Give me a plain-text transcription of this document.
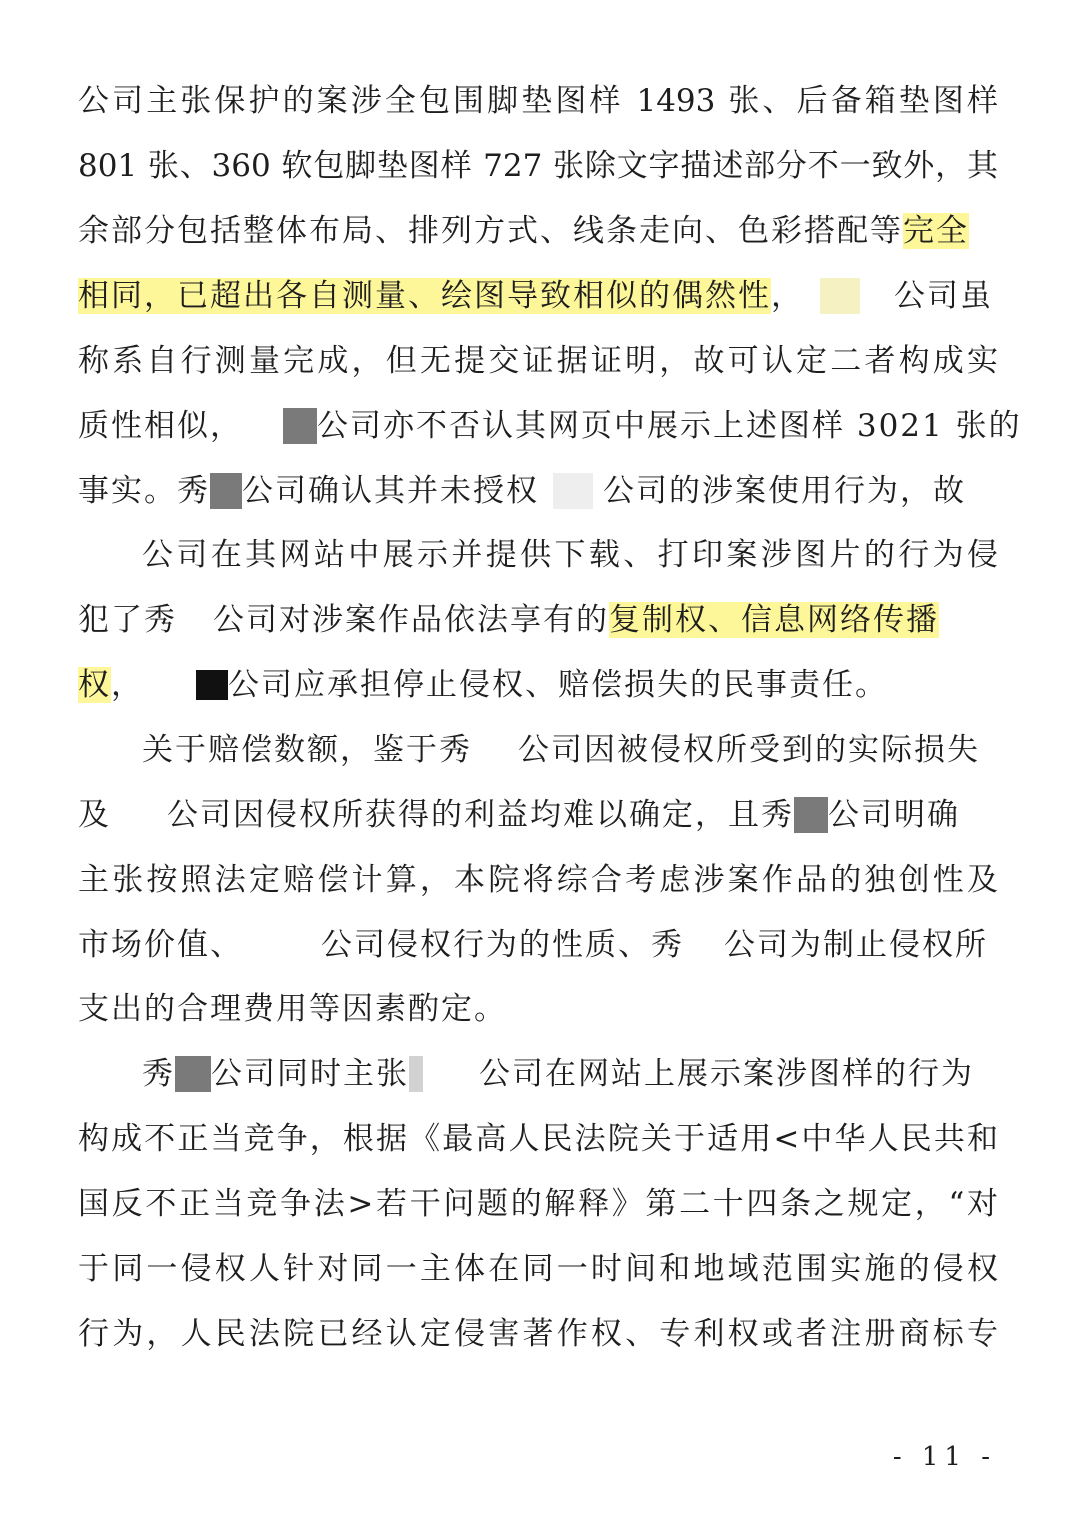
公司主张保护的案涉全包围脚垫图样 1493 张、后备箱垫图样
801 张、360 软包脚垫图样 727 张除文字描述部分不一致外，其
余部分包括整体布局、排列方式、线条走向、色彩搭配等完全
相同，已超出各自测量、绘图导致相似的偶然性，	公司虽
称系自行测量完成，但无提交证据证明，故可认定二者构成实
质性相似， 公司亦不否认其网页中展示上述图样 3021 张的
事实。秀 公司确认其并未授权 公司的涉案使用行为，故
公司在其网站中展示并提供下载、打印案涉图片的行为侵
犯了秀 公司对涉案作品依法享有的复制权、信息网络传播
权，	公司应承担停止侵权、赔偿损失的民事责任。
关于赔偿数额，鉴于秀 公司因被侵权所受到的实际损失
及 公司因侵权所获得的利益均难以确定，且秀 公司明确
主张按照法定赔偿计算，本院将综合考虑涉案作品的独创性及
市场价值、	公司侵权行为的性质、秀 公司为制止侵权所
支出的合理费用等因素酌定。
秀 公司同时主张 公司在网站上展示案涉图样的行为
构成不正当竞争，根据《最高人民法院关于适用<中华人民共和
国反不正当竞争法>若干问题的解释》第二十四条之规定，“对
于同一侵权人针对同一主体在同一时间和地域范围实施的侵权
行为，人民法院已经认定侵害著作权、专利权或者注册商标专
- 11 -
